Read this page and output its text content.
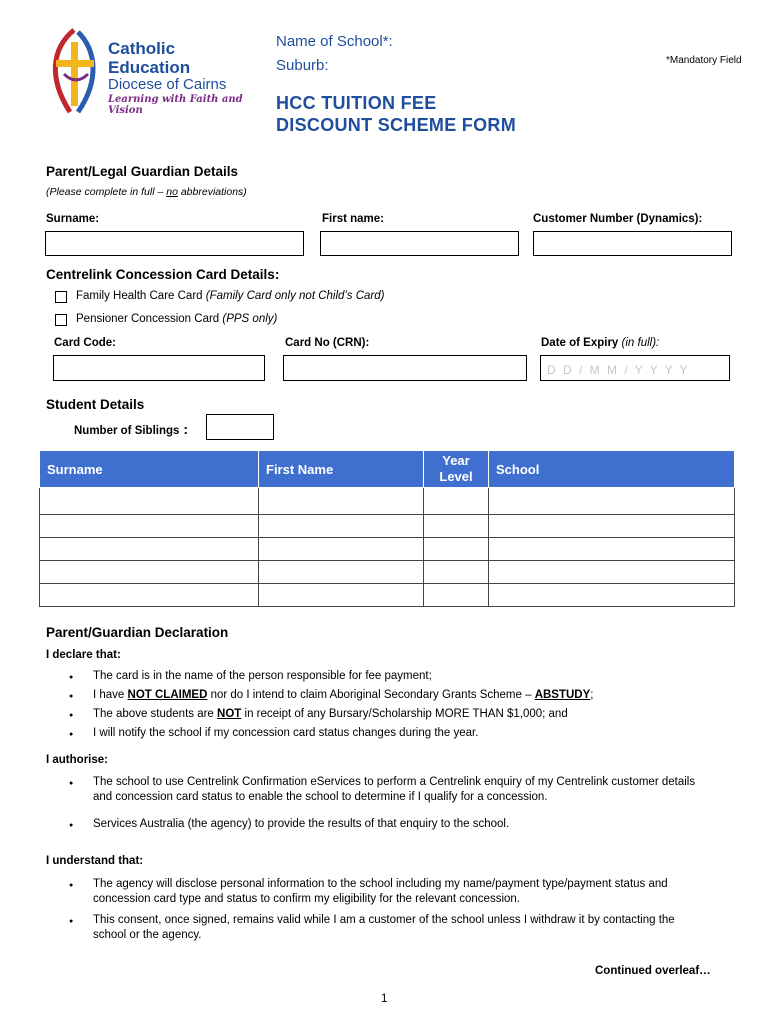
Catholic
Education
Diocese of Cairns
Learning with Faith and Vision
Name of School*:
Suburb:	*Mandatory Field
HCC TUITION FEE
DISCOUNT SCHEME FORM
Parent/Legal Guardian Details
(Please complete in full – no abbreviations)
Surname:	First name:	Customer Number (Dynamics):
Centrelink Concession Card Details:
Family Health Care Card (Family Card only not Child’s Card)
Pensioner Concession Card (PPS only)
Card Code:	Card No (CRN):	Date of Expiry (in full):
D D / M M / Y Y Y Y
Student Details
Number of Siblings :
Surname	First Name	Year Level	School

Parent/Guardian Declaration
I declare that:
● The card is in the name of the person responsible for fee payment;
● I have NOT CLAIMED nor do I intend to claim Aboriginal Secondary Grants Scheme – ABSTUDY;
● The above students are NOT in receipt of any Bursary/Scholarship MORE THAN $1,000; and
● I will notify the school if my concession card status changes during the year.
I authorise:
● The school to use Centrelink Confirmation eServices to perform a Centrelink enquiry of my Centrelink customer details and concession card status to enable the school to determine if I qualify for a concession.
● Services Australia (the agency) to provide the results of that enquiry to the school.
I understand that:
● The agency will disclose personal information to the school including my name/payment type/payment status and concession card type and status to confirm my eligibility for the relevant concession.
● This consent, once signed, remains valid while I am a customer of the school unless I withdraw it by contacting the school or the agency.
Continued overleaf…
1
